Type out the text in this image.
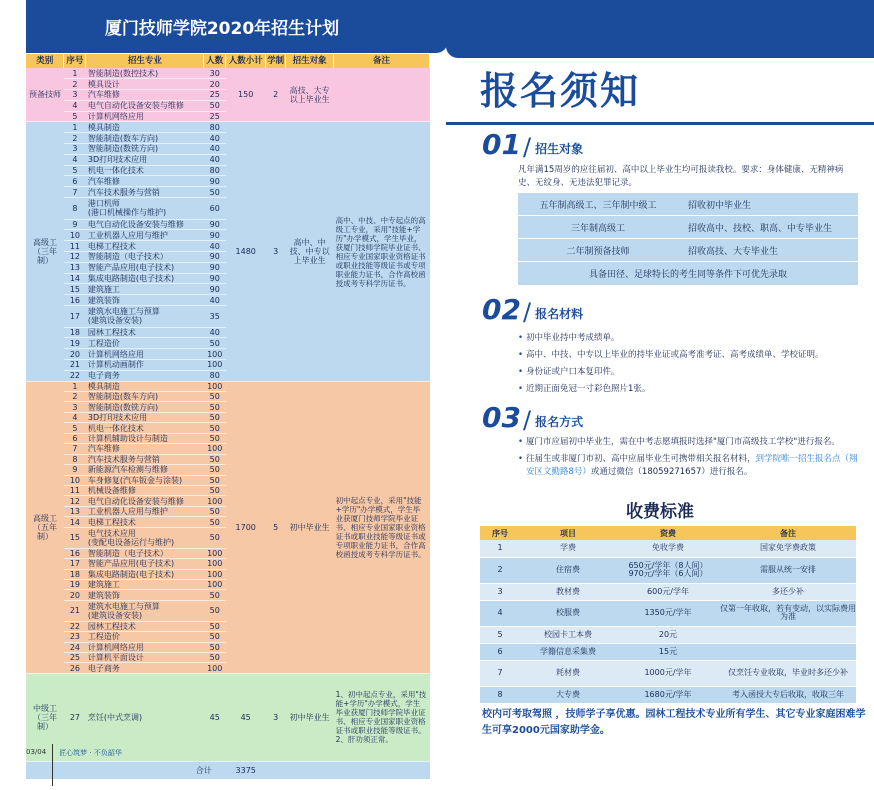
厦门技师学院2020年招生计划
类别	序号	招生专业	人数	人数小计	学制	招生对象	备注
预备技师	1	智能制造(数控技术)	30	150	2	高技、大专以上毕业生	
	2	模具设计	20				
	3	汽车维修	25				
	4	电气自动化设备安装与维修	50				
	5	计算机网络应用	25				
高级工（三年制）	1	模具制造	80	1480	3	高中、中技、中专以上毕业生	高中、中技、中专起点的高级工专业，采用"技能+学历"办学模式，学生毕业，获厦门技师学院毕业证书、相应专业国家职业资格证书或职业技能等级证书或专项职业能力证书，合作高校函授成考专科学历证书。
	2	智能制造(数车方向)	40				
	3	智能制造(数铣方向)	40				
	4	3D打印技术应用	40				
	5	机电一体化技术	80				
	6	汽车维修	90				
	7	汽车技术服务与营销	50				
	8	港口机师
(港口机械操作与维护)	60				
	9	电气自动化设备安装与维修	90				
	10	工业机器人应用与维护	90				
	11	电梯工程技术	40				
	12	智能制造（电子技术）	90				
	13	智能产品应用(电子技术)	90				
	14	集成电路制造(电子技术)	90				
	15	建筑施工	90				
	16	建筑装饰	40				
	17	建筑水电施工与预算
(建筑设备安装)	35				
	18	园林工程技术	40				
	19	工程造价	50				
	20	计算机网络应用	100				
	21	计算机动画制作	100				
	22	电子商务	80				
高级工（五年制）	1	模具制造	100	1700	5	初中毕业生	初中起点专业，采用"技能+学历"办学模式，学生毕业获厦门技师学院毕业证书、相应专业国家职业资格证书或职业技能等级证书或专项职业能力证书，合作高校函授成考专科学历证书。
	2	智能制造(数车方向)	50				
	3	智能制造(数铣方向)	50				
	4	3D打印技术应用	50				
	5	机电一体化技术	50				
	6	计算机辅助设计与制造	50				
	7	汽车维修	100				
	8	汽车技术服务与营销	50				
	9	新能源汽车检测与维修	50				
	10	车身修复(汽车钣金与涂装)	50				
	11	机械设备维修	50				
	12	电气自动化设备安装与维修	100				
	13	工业机器人应用与维护	50				
	14	电梯工程技术	50				
	15	电气技术应用
(变配电设备运行与维护)	50				
	16	智能制造（电子技术）	100				
	17	智能产品应用(电子技术)	100				
	18	集成电路制造(电子技术)	100				
	19	建筑施工	100				
	20	建筑装饰	50				
	21	建筑水电施工与预算
(建筑设备安装)	50				
	22	园林工程技术	50				
	23	工程造价	50				
	24	计算机网络应用	50				
	25	计算机平面设计	50				
	26	电子商务	100				
中级工（三年制）	27	烹饪(中式烹调)	45	45	3	初中毕业生	1、初中起点专业，采用"技能+学历"办学模式，学生毕业获厦门技师学院毕业证书、相应专业国家职业资格证书或职业技能等级证书。
2、肝功须正常。
合计				3375			
报名须知
01 / 招生对象
凡年满15周岁的应往届初、高中以上毕业生均可报读我校。要求：身体健康、无精神病史、无纹身、无违法犯罪记录。
五年制高级工、三年制中级工	招收初中毕业生
三年制高级工	招收高中、技校、职高、中专毕业生
二年制预备技师	招收高技、大专毕业生
具备田径、足球特长的考生同等条件下可优先录取
02 / 报名材料
• 初中毕业持中考成绩单。
• 高中、中技、中专以上毕业的持毕业证或高考准考证、高考成绩单、学校证明。
• 身份证或户口本复印件。
• 近期正面免冠一寸彩色照片1张。
03 / 报名方式
• 厦门市应届初中毕业生，需在中考志愿填报时选择"厦门市高级技工学校"进行报名。
• 往届生或非厦门市初、高中应届毕业生可携带相关报名材料，到学院唯一招生报名点（翔安区文勤路8号）或通过微信（18059271657）进行报名。
收费标准
序号	项目	资费	备注
1	学费	免收学费	国家免学费政策
2	住宿费	650元/学年（8人间）
970元/学年（6人间）	需服从统一安排
3	教材费	600元/学年	多还少补
4	校服费	1350元/学年	仅第一年收取，若有变动，以实际费用为准
5	校园卡工本费	20元	
6	学籍信息采集费	15元	
7	耗材费	1000元/学年	仅烹饪专业收取，毕业时多还少补
8	大专费	1680元/学年	考入函授大专后收取，收取三年
校内可考取驾照 ，技师学子享优惠。园林工程技术专业所有学生、其它专业家庭困难学生可享2000元国家助学金。
03/04 匠心筑梦 · 不负韶华
